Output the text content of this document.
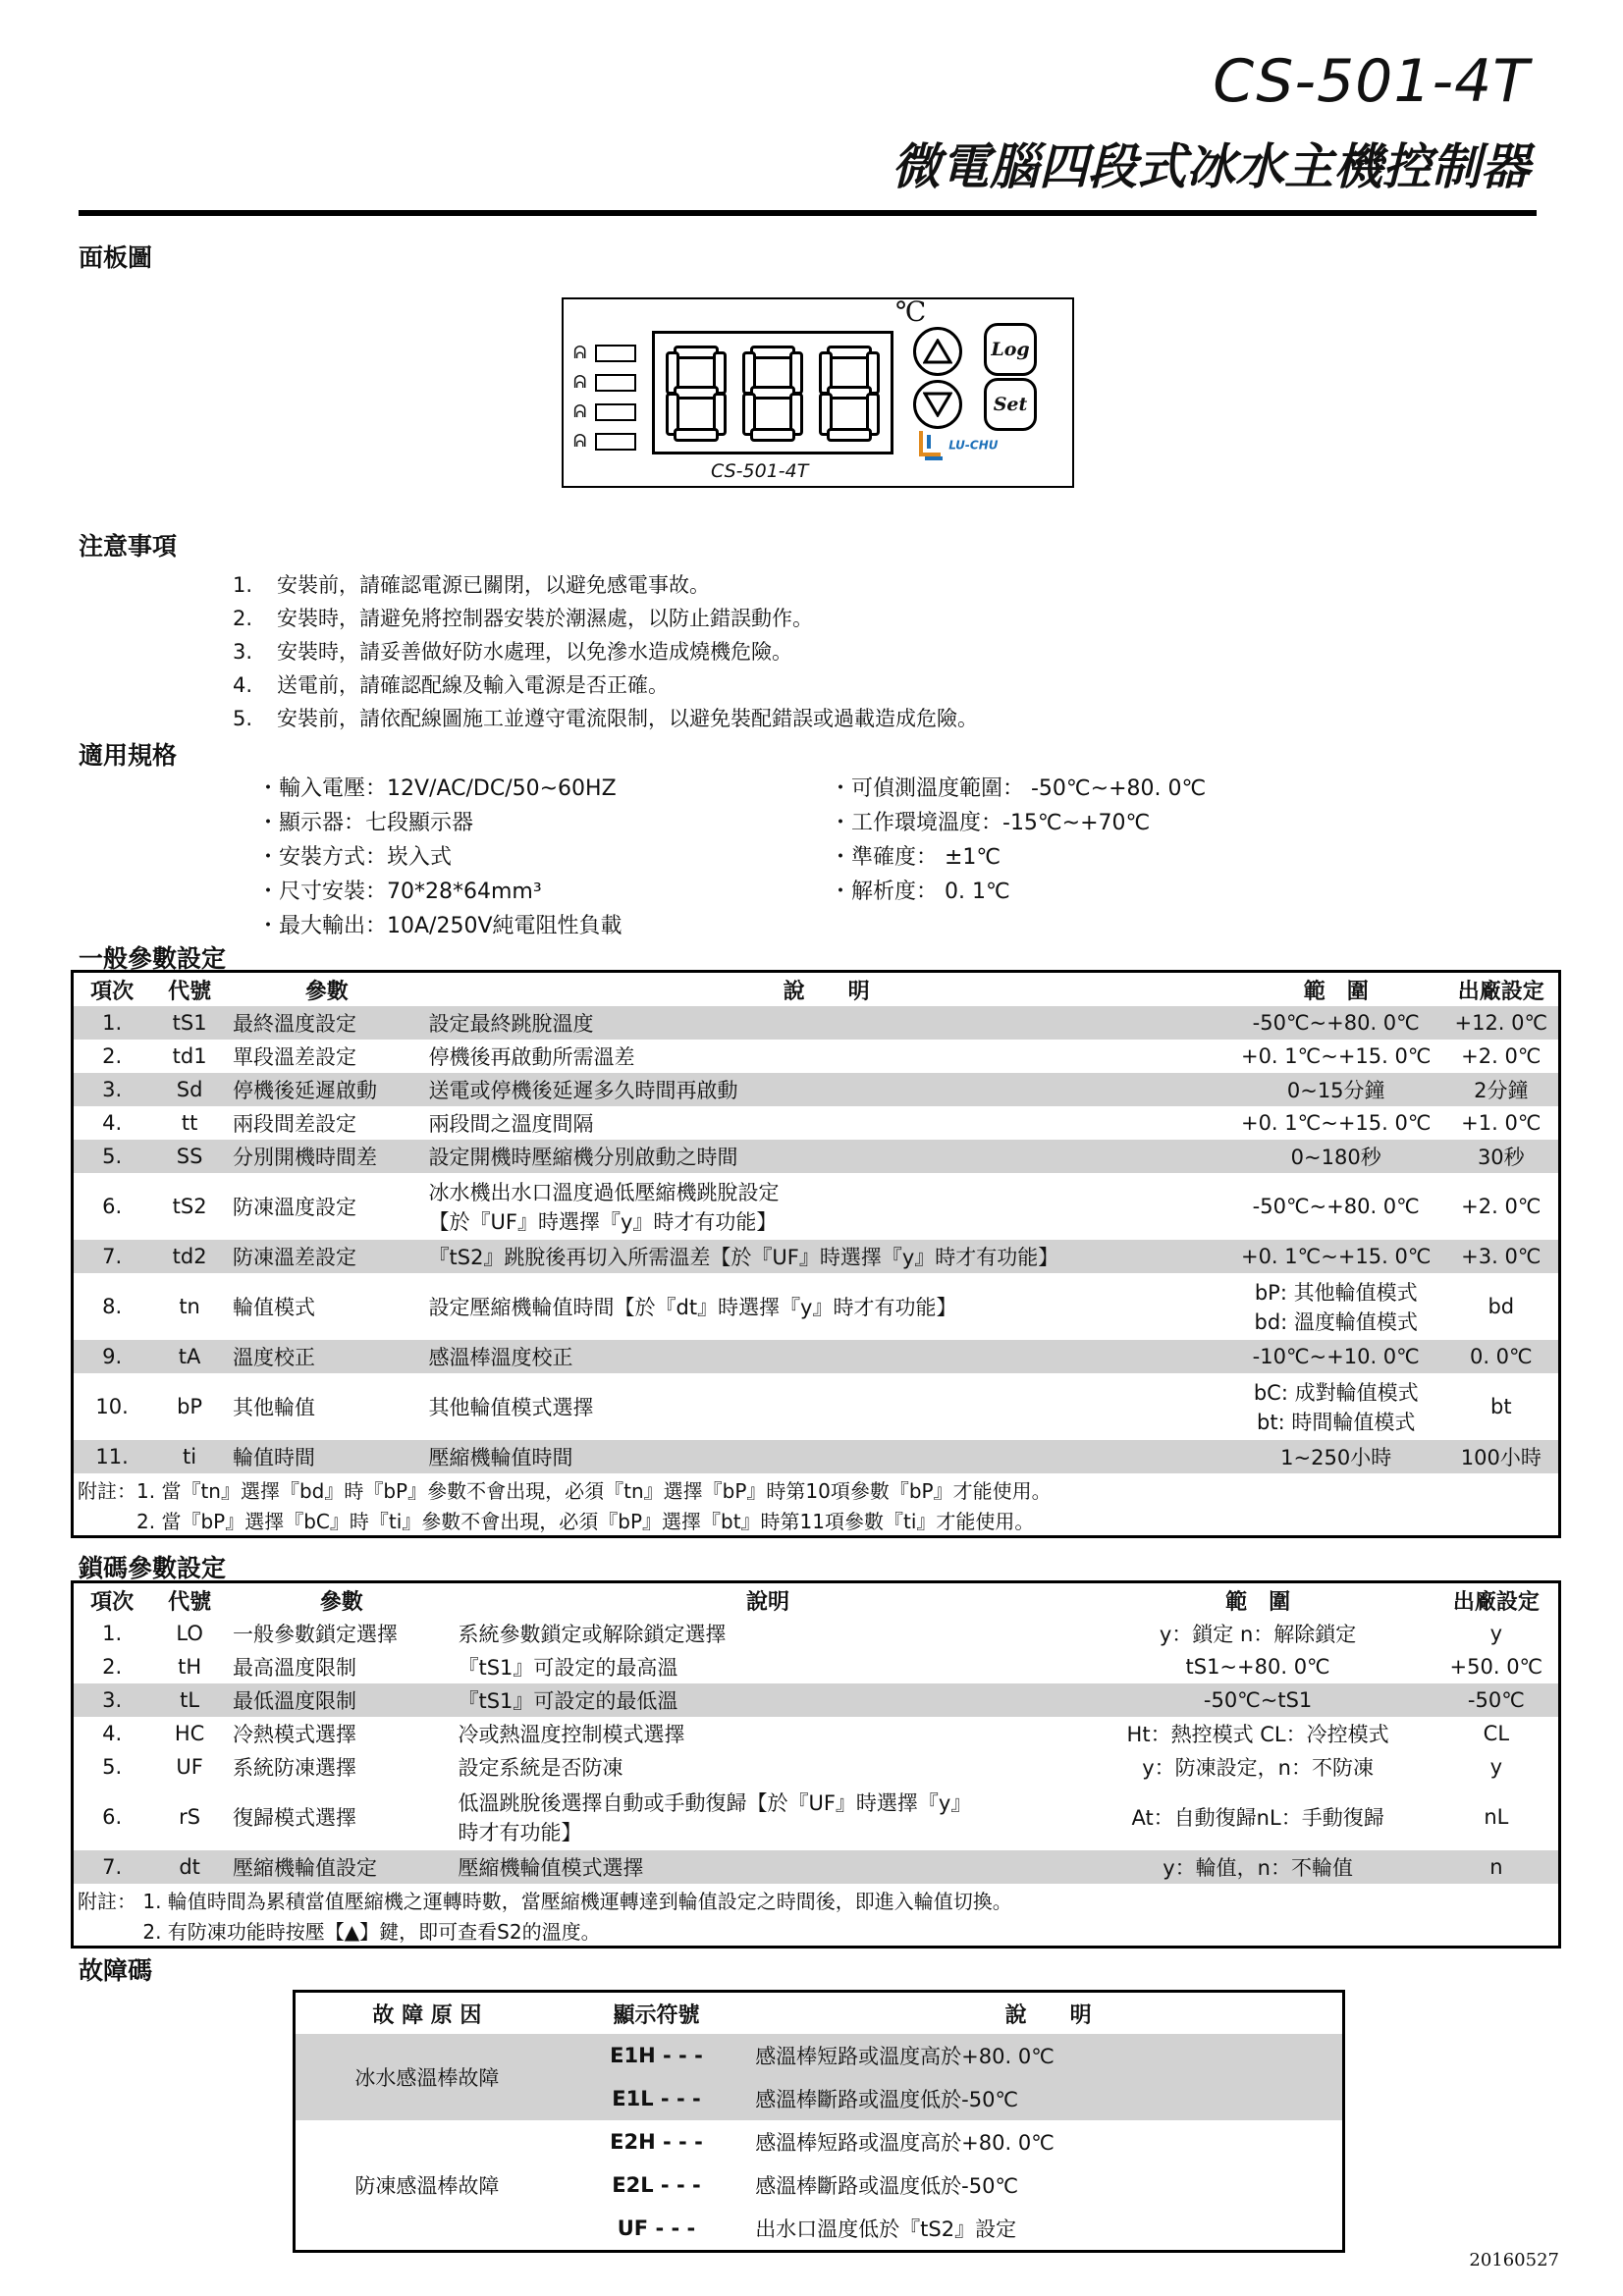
CS-501-4T
微電腦四段式冰水主機控制器
面板圖
ᕱ
ᕱ
ᕱ
ᕱ
℃
Log
Set
LU-CHU
CS-501-4T
注意事項
1. 安裝前，請確認電源已關閉，以避免感電事故。
2. 安裝時，請避免將控制器安裝於潮濕處，以防止錯誤動作。
3. 安裝時，請妥善做好防水處理，以免滲水造成燒機危險。
4. 送電前，請確認配線及輸入電源是否正確。
5. 安裝前，請依配線圖施工並遵守電流限制，以避免裝配錯誤或過載造成危險。
適用規格
・輸入電壓：12V/AC/DC/50~60HZ
・顯示器：七段顯示器
・安裝方式：崁入式
・尺寸安裝：70*28*64mm³
・最大輸出：10A/250V純電阻性負載
・可偵測溫度範圍： -50℃~+80. 0℃
・工作環境溫度：-15℃~+70℃
・準確度： ±1℃
・解析度： 0. 1℃
一般參數設定
項次	代號	參數	說　　明	範　圍	出廠設定
1.	tS1	最終溫度設定	設定最終跳脫溫度	-50℃~+80. 0℃	+12. 0℃
2.	td1	單段溫差設定	停機後再啟動所需溫差	+0. 1℃~+15. 0℃	+2. 0℃
3.	Sd	停機後延遲啟動	送電或停機後延遲多久時間再啟動	0~15分鐘	2分鐘
4.	tt	兩段間差設定	兩段間之溫度間隔	+0. 1℃~+15. 0℃	+1. 0℃
5.	SS	分別開機時間差	設定開機時壓縮機分別啟動之時間	0~180秒	30秒
6.	tS2	防凍溫度設定	冰水機出水口溫度過低壓縮機跳脫設定
【於『UF』時選擇『y』時才有功能】	-50℃~+80. 0℃	+2. 0℃
7.	td2	防凍溫差設定	『tS2』跳脫後再切入所需溫差【於『UF』時選擇『y』時才有功能】	+0. 1℃~+15. 0℃	+3. 0℃
8.	tn	輪值模式	設定壓縮機輪值時間【於『dt』時選擇『y』時才有功能】	bP: 其他輪值模式
bd: 溫度輪值模式	bd
9.	tA	溫度校正	感溫棒溫度校正	-10℃~+10. 0℃	0. 0℃
10.	bP	其他輪值	其他輪值模式選擇	bC: 成對輪值模式
bt: 時間輪值模式	bt
11.	ti	輪值時間	壓縮機輪值時間	1~250小時	100小時
附註：1. 當『tn』選擇『bd』時『bP』參數不會出現，必須『tn』選擇『bP』時第10項參數『bP』才能使用。					
　　　2. 當『bP』選擇『bC』時『ti』參數不會出現，必須『bP』選擇『bt』時第11項參數『ti』才能使用。					
鎖碼參數設定
項次	代號	參數	說明	範　圍	出廠設定
1.	LO	一般參數鎖定選擇	系統參數鎖定或解除鎖定選擇	y：鎖定 n：解除鎖定	y
2.	tH	最高溫度限制	『tS1』可設定的最高溫	tS1~+80. 0℃	+50. 0℃
3.	tL	最低溫度限制	『tS1』可設定的最低溫	-50℃~tS1	-50℃
4.	HC	冷熱模式選擇	冷或熱溫度控制模式選擇	Ht：熱控模式 CL：冷控模式	CL
5.	UF	系統防凍選擇	設定系統是否防凍	y：防凍設定，n：不防凍	y
6.	rS	復歸模式選擇	低溫跳脫後選擇自動或手動復歸【於『UF』時選擇『y』
時才有功能】	At：自動復歸nL：手動復歸	nL
7.	dt	壓縮機輪值設定	壓縮機輪值模式選擇	y：輪值，n：不輪值	n
附註： 1. 輪值時間為累積當值壓縮機之運轉時數，當壓縮機運轉達到輪值設定之時間後，即進入輪值切換。					
　　　 2. 有防凍功能時按壓【▲】鍵，即可查看S2的溫度。					
故障碼
故 障 原 因	顯示符號	說　　明
冰水感溫棒故障	E1H - - -	感溫棒短路或溫度高於+80. 0℃
	E1L - - -	感溫棒斷路或溫度低於-50℃
防凍感溫棒故障	E2H - - -	感溫棒短路或溫度高於+80. 0℃
	E2L - - -	感溫棒斷路或溫度低於-50℃
	UF - - -	出水口溫度低於『tS2』設定
20160527
